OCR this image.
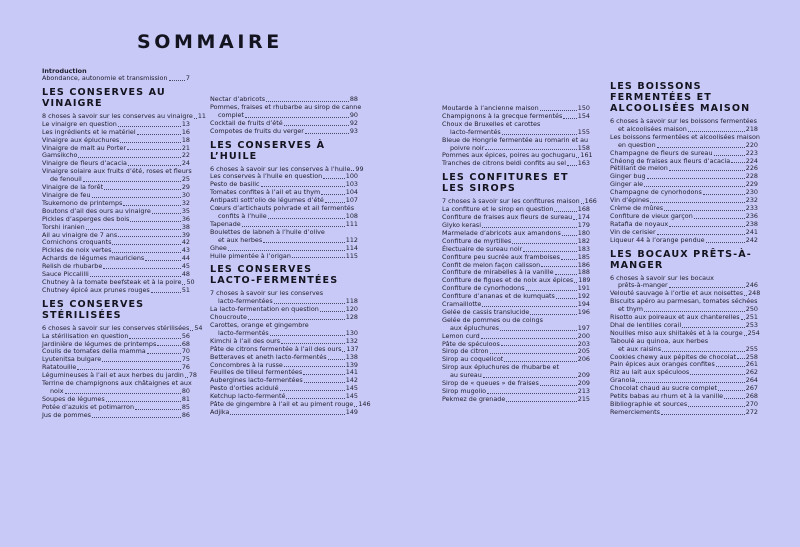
SOMMAIRE
Introduction
Abondance, autonomie et transmission	7
LES CONSERVES AU VINAIGRE
8 choses à savoir sur les conserves au vinaigre 11
Le vinaigre en question	13
Les ingrédients et le matériel	16
Vinaigre aux épluchures	18
Vinaigre de malt au Porter	21
Gamsikcho	22
Vinaigre de fleurs d’acacia	24
Vinaigre solaire aux fruits d’été, roses et fleurs
de fenouil	25
Vinaigre de la forêt	29
Vinaigre de feu	30
Tsukemono de printemps	32
Boutons d’ail des ours au vinaigre	35
Pickles d’asperges des bois	36
Torshi iranien	38
Ail au vinaigre de 7 ans	39
Cornichons croquants	42
Pickles de noix vertes	43
Achards de légumes mauriciens	44
Relish de rhubarbe	45
Sauce Piccalilli	48
Chutney à la tomate beefsteak et à la poire 50
Chutney épicé aux prunes rouges	51
LES CONSERVES STÉRILISÉES
6 choses à savoir sur les conserves stérilisées 54
La stérilisation en question	56
Jardinière de légumes de printemps	68
Coulis de tomates della mamma	70
Lyutenitsa bulgare	75
Ratatouille	76
Légumineuses à l’ail et aux herbes du jardin 78
Terrine de champignons aux châtaignes et aux
noix	80
Soupes de légumes	81
Potée d’azukis et potimarron	85
Jus de pommes	86
Nectar d’abricots	88
Pommes, fraises et rhubarbe au sirop de canne
complet	90
Cocktail de fruits d’été	92
Compotes de fruits du verger	93
LES CONSERVES À L’HUILE
6 choses à savoir sur les conserves à l’huile 99
Les conserves à l’huile en question	100
Pesto de basilic	103
Tomates confites à l’ail et au thym	104
Antipasti sott’olio de légumes d’été	107
Cœurs d’artichauts poivrade et ail fermentés
confits à l’huile	108
Tapenade	111
Boulettes de labneh à l’huile d’olive
et aux herbes	112
Ghee	114
Huile pimentée à l’origan	115
LES CONSERVES LACTO-FERMENTÉES
7 choses à savoir sur les conserves
lacto-fermentées	118
La lacto-fermentation en question	120
Choucroute	128
Carottes, orange et gingembre
lacto-fermentés	130
Kimchi à l’ail des ours	132
Pâte de citrons fermentée à l’ail des ours 137
Betteraves et aneth lacto-fermentés	138
Concombres à la russe	139
Feuilles de tilleul fermentées	141
Aubergines lacto-fermentées	142
Pesto d’orties acidulé	145
Ketchup lacto-fermenté	145
Pâte de gingembre à l’ail et au piment rouge 146
Adjika	149
Moutarde à l’ancienne maison	150
Champignons à la grecque fermentés 154
Choux de Bruxelles et carottes
lacto-fermentés	155
Bleue de Hongrie fermentée au romarin et au
poivre noir	158
Pommes aux épices, poires au gochugaru 161
Tranches de citrons beldi confits au sel 163
LES CONFITURES ET LES SIROPS
7 choses à savoir sur les confitures maison 166
La confiture et le sirop en question	168
Confiture de fraises aux fleurs de sureau 174
Glyko kerasi	179
Marmelade d’abricots aux amandons	180
Confiture de myrtilles	182
Électuaire de sureau noir	183
Confiture peu sucrée aux framboises	185
Confit de melon façon calisson	186
Confiture de mirabelles à la vanille	188
Confiture de figues et de noix aux épices 189
Confiture de cynorhodons	191
Confiture d’ananas et de kumquats	192
Cramaillotte	194
Gelée de cassis translucide	196
Gelée de pommes ou de coings
aux épluchures	197
Lemon curd	200
Pâte de spéculoos	203
Sirop de citron	205
Sirop au coquelicot	206
Sirop aux épluchures de rhubarbe et
au sureau	209
Sirop de « queues » de fraises	209
Sirop mugolio	213
Pekmez de grenade	215
LES BOISSONS FERMENTÉES ET ALCOOLISÉES MAISON
6 choses à savoir sur les boissons fermentées
et alcoolisées maison	218
Les boissons fermentées et alcoolisées maison
en question	220
Champagne de fleurs de sureau	223
Chéong de fraises aux fleurs d’acacia 224
Pétillant de melon	226
Ginger bug	228
Ginger ale	229
Champagne de cynorhodons	230
Vin d’épines	232
Crème de mûres	233
Confiture de vieux garçon	236
Ratafia de noyaux	238
Vin de cerisier	241
Liqueur 44 à l’orange pendue	242
LES BOCAUX PRÊTS-À-MANGER
6 choses à savoir sur les bocaux
prêts-à-manger	246
Velouté sauvage à l’ortie et aux noisettes 248
Biscuits apéro au parmesan, tomates séchées
et thym	250
Risotto aux poireaux et aux chanterelles 251
Dhal de lentilles corail	253
Nouilles miso aux shiitakés et à la courge 254
Taboulé au quinoa, aux herbes
et aux raisins	255
Cookies chewy aux pépites de chocolat 258
Pain épices aux oranges confites	261
Riz au lait aux spéculoos	262
Granola	264
Chocolat chaud au sucre complet	267
Petits babas au rhum et à la vanille	268
Bibliographie et sources	270
Remerciements	272
